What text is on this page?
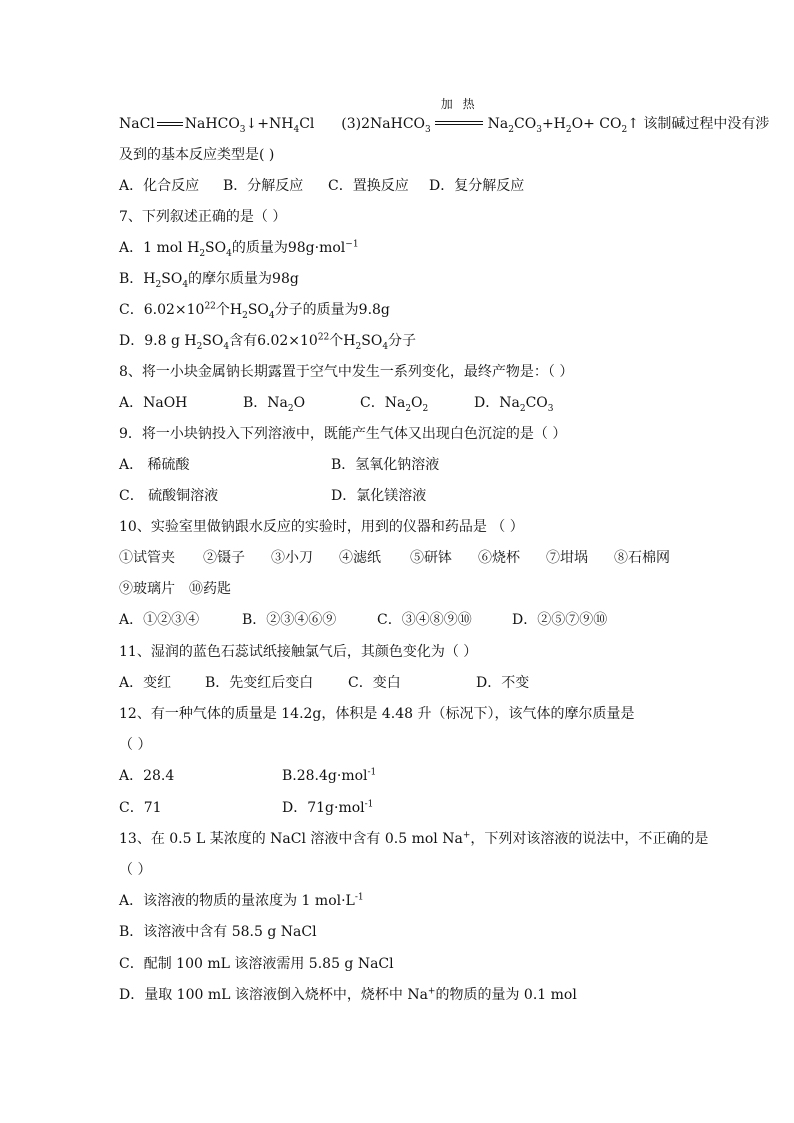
NaCl $NaHCO_3↓+NH_4Cl$ (3)2NaHCO$_3$
加 热
$Na_2CO_3+H_2O+$ $CO_2↑$ 该制碱过程中没有涉
及到的基本反应类型是( )
A．化合反应 B．分解反应 C．置换反应 D．复分解反应
7、下列叙述正确的是（ ）
A．1 mol $H_2SO_4$的质量为98g·mol$^{-1}$
B．$H_2SO_4$的摩尔质量为98g
C．$6.02\times 10^{22}$个$H_2SO_4$分子的质量为9.8g
D．9.8 g $H_2SO_4$含有$6.02\times 10^{22}$个$H_2SO_4$分子
8、将一小块金属钠长期露置于空气中发生一系列变化，最终产物是：（ ）
A．NaOH	B．$Na_2O$	C．$Na_2O_2$	D．$Na_2CO_3$
9．将一小块钠投入下列溶液中，既能产生气体又出现白色沉淀的是（ ）
A． 稀硫酸	B．氢氧化钠溶液
C． 硫酸铜溶液	D．氯化镁溶液
10、实验室里做钠跟水反应的实验时，用到的仪器和药品是 （ ）
①试管夹 ②镊子 ③小刀 ④滤纸 ⑤研钵 ⑥烧杯 ⑦坩埚 ⑧石棉网
⑨玻璃片 ⑩药匙
A．①②③④	B．②③④⑥⑨	C．③④⑧⑨⑩	D．②⑤⑦⑨⑩
11、湿润的蓝色石蕊试纸接触氯气后，其颜色变化为（ ）
A．变红 B．先变红后变白 C．变白	D．不变
12、有一种气体的质量是 14.2g，体积是 4.48 升（标况下），该气体的摩尔质量是
（ ）
A．28.4	B.28.4g·mol$^{-1}$
C．71	D．71g·mol$^{-1}$
13、在 0.5 L 某浓度的 NaCl 溶液中含有 0.5 mol Na+，下列对该溶液的说法中，不正确的是
（ ）
A．该溶液的物质的量浓度为 1 $mol\cdot L^{-1}$
B．该溶液中含有 58.5 g NaCl
C．配制 100 mL 该溶液需用 5.85 g NaCl
D．量取 100 mL 该溶液倒入烧杯中，烧杯中 Na+的物质的量为 0.1 mol
